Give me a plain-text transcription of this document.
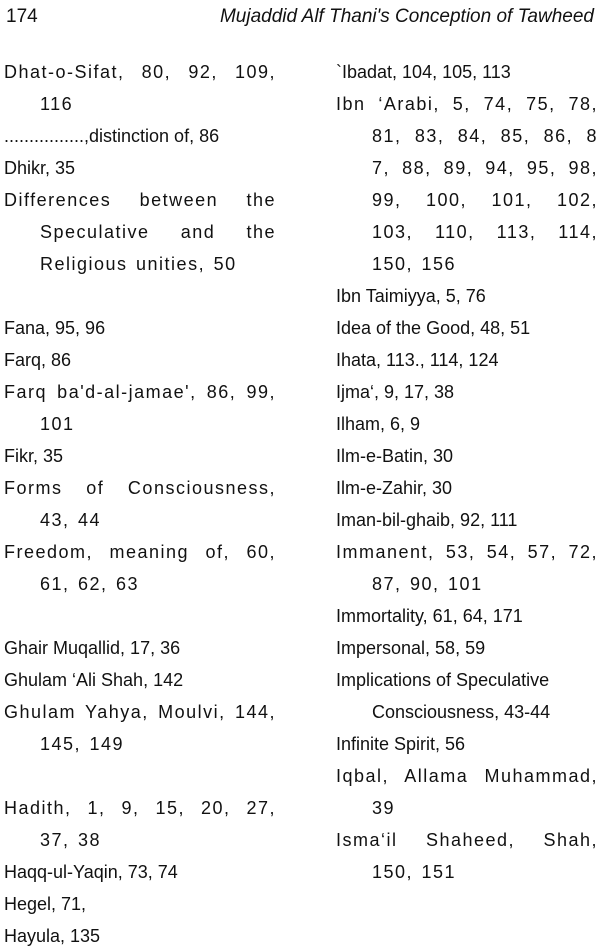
174	Mujaddid Alf Thani's Conception of Tawheed

Dhat-o-Sifat, 80, 92, 109, 116

................,distinction of, 86

Dhikr, 35

Differences between the Speculative and the Religious unities, 50

Fana, 95, 96

Farq, 86

Farq ba'd-al-jamae', 86, 99, 101

Fikr, 35

Forms of Consciousness, 43, 44

Freedom, meaning of, 60, 61, 62, 63

Ghair Muqallid, 17, 36

Ghulam ‘Ali Shah, 142

Ghulam Yahya, Moulvi, 144, 145, 149

Hadith, 1, 9, 15, 20, 27, 37, 38

Haqq-ul-Yaqin, 73, 74

Hegel, 71,

Hayula, 135

`Ibadat, 104, 105, 113

Ibn ‘Arabi, 5, 74, 75, 78, 81, 83, 84, 85, 86, 8 7, 88, 89, 94, 95, 98, 99, 100, 101, 102, 103, 110, 113, 114, 150, 156

Ibn Taimiyya, 5, 76

Idea of the Good, 48, 51

Ihata, 113., 114, 124

Ijma‘, 9, 17, 38

Ilham, 6, 9

Ilm-e-Batin, 30

Ilm-e-Zahir, 30

Iman-bil-ghaib, 92, 111

Immanent, 53, 54, 57, 72, 87, 90, 101

Immortality, 61, 64, 171

Impersonal, 58, 59

Implications of Speculative Consciousness, 43-44

Infinite Spirit, 56

Iqbal, Allama Muhammad, 39

Isma‘il Shaheed, Shah, 150, 151
